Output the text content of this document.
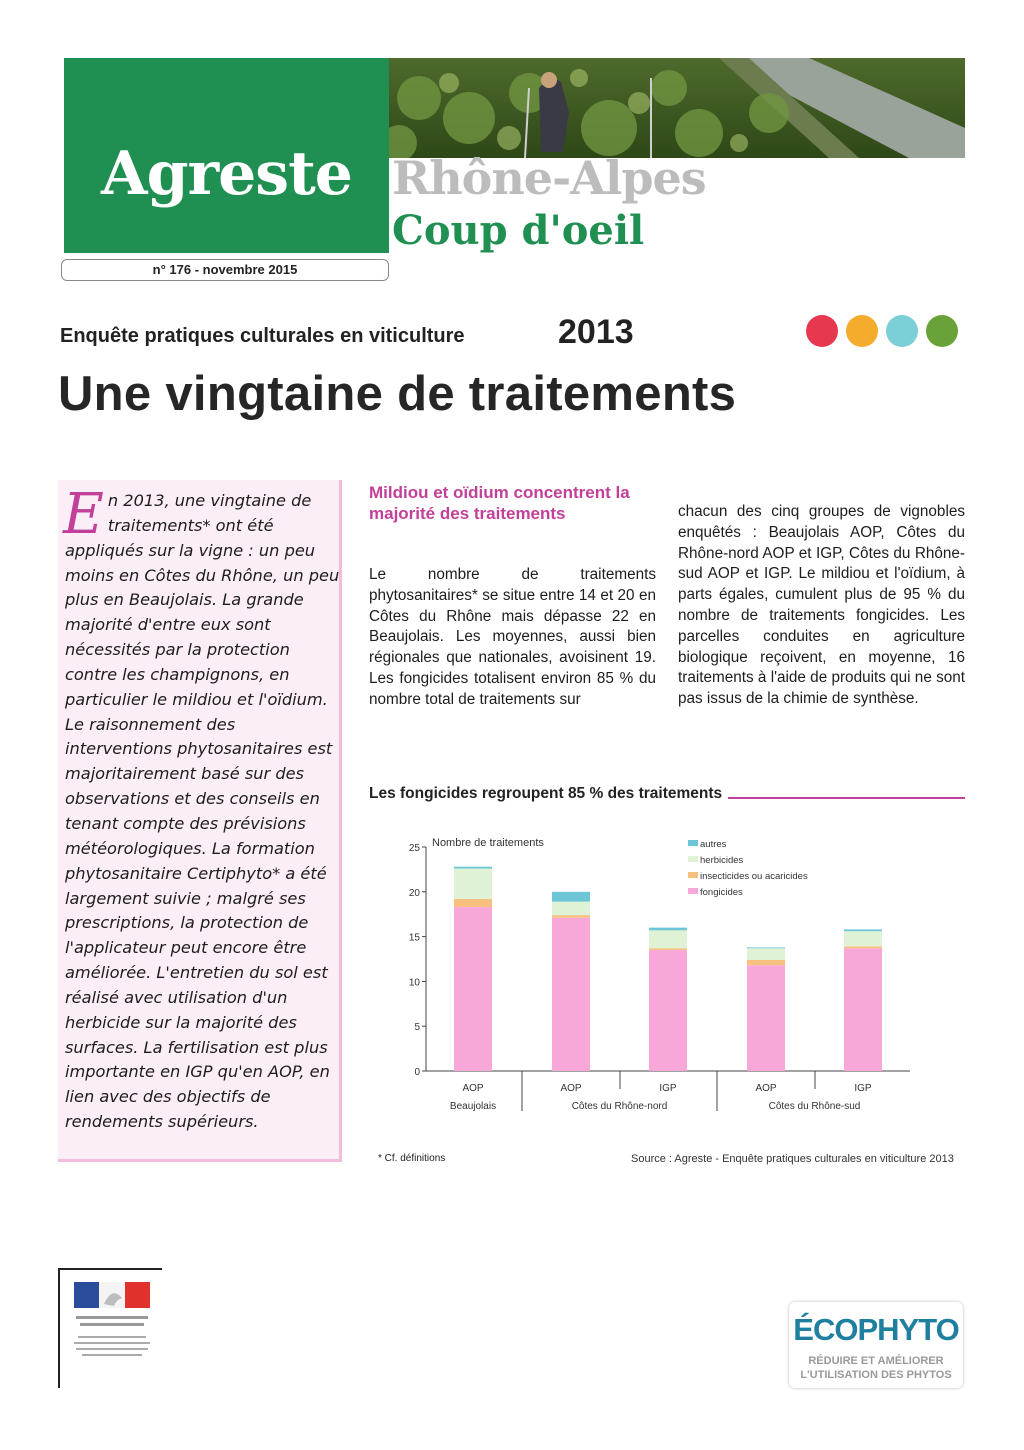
Agreste Rhône-Alpes
Coup d'oeil
n° 176 - novembre 2015
Enquête pratiques culturales en viticulture	2013
Une vingtaine de traitements
En 2013, une vingtaine de traitements* ont été appliqués sur la vigne : un peu moins en Côtes du Rhône, un peu plus en Beaujolais. La grande majorité d'entre eux sont nécessités par la protection contre les champignons, en particulier le mildiou et l'oïdium. Le raisonnement des interventions phytosanitaires est majoritairement basé sur des observations et des conseils en tenant compte des prévisions météorologiques. La formation phytosanitaire Certiphyto* a été largement suivie ; malgré ses prescriptions, la protection de l'applicateur peut encore être améliorée. L'entretien du sol est réalisé avec utilisation d'un herbicide sur la majorité des surfaces. La fertilisation est plus importante en IGP qu'en AOP, en lien avec des objectifs de rendements supérieurs.
Mildiou et oïdium concentrent la majorité des traitements
Le nombre de traitements phytosanitaires* se situe entre 14 et 20 en Côtes du Rhône mais dépasse 22 en Beaujolais. Les moyennes, aussi bien régionales que nationales, avoisinent 19. Les fongicides totalisent environ 85 % du nombre total de traitements sur
chacun des cinq groupes de vignobles enquêtés : Beaujolais AOP, Côtes du Rhône-nord AOP et IGP, Côtes du Rhône-sud AOP et IGP. Le mildiou et l'oïdium, à parts égales, cumulent plus de 95 % du nombre de traitements fongicides. Les parcelles conduites en agriculture biologique reçoivent, en moyenne, 16 traitements à l'aide de produits qui ne sont pas issus de la chimie de synthèse.
Les fongicides regroupent 85 % des traitements
0
5
10
15
20
25 Nombre de traitements
AOP	AOP	IGP	AOP	IGP
Beaujolais	Côtes du Rhône-nord	Côtes du Rhône-sud
autres
herbicides
insecticides ou acaricides
fongicides
* Cf. définitions	Source : Agreste - Enquête pratiques culturales en viticulture 2013
ÉCOPHYTO
RÉDUIRE ET AMÉLIORER
L'UTILISATION DES PHYTOS
